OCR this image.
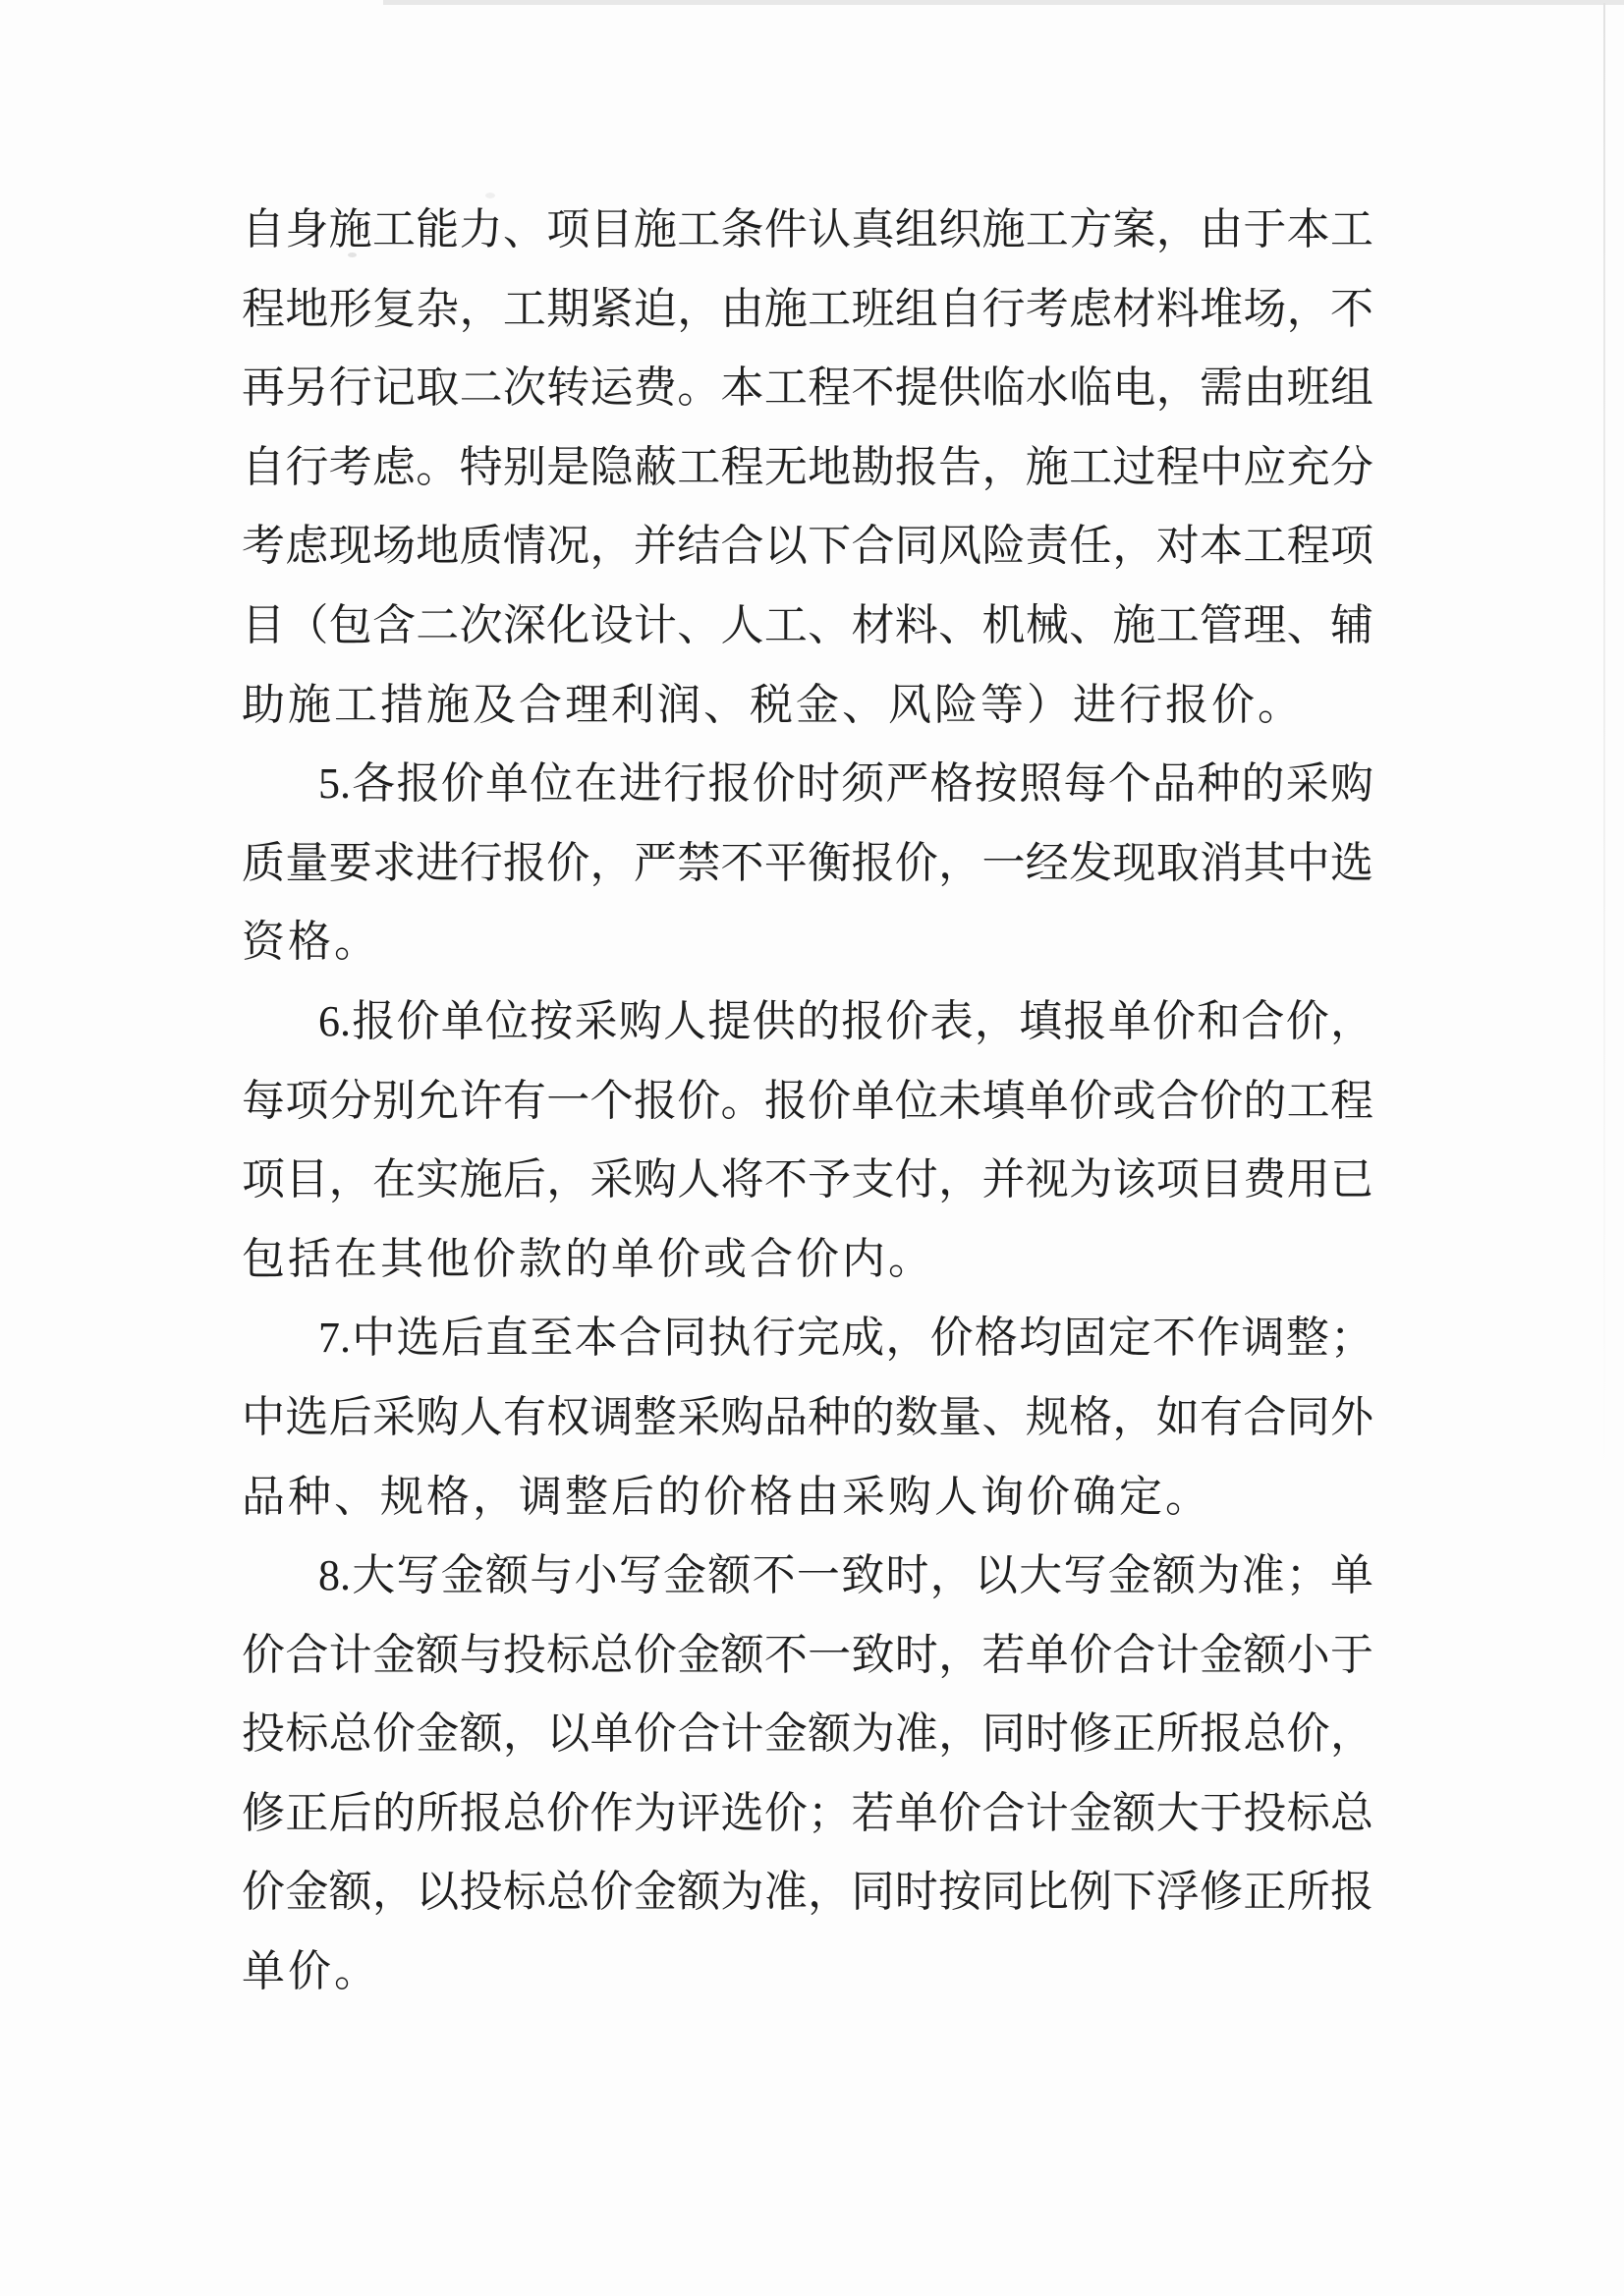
自身施工能力、项目施工条件认真组织施工方案，由于本工
程地形复杂，工期紧迫，由施工班组自行考虑材料堆场，不
再另行记取二次转运费。本工程不提供临水临电，需由班组
自行考虑。特别是隐蔽工程无地勘报告，施工过程中应充分
考虑现场地质情况，并结合以下合同风险责任，对本工程项
目（包含二次深化设计、人工、材料、机械、施工管理、辅
助施工措施及合理利润、税金、风险等）进行报价。
5.各报价单位在进行报价时须严格按照每个品种的采购
质量要求进行报价，严禁不平衡报价，一经发现取消其中选
资格。
6.报价单位按采购人提供的报价表，填报单价和合价，
每项分别允许有一个报价。报价单位未填单价或合价的工程
项目，在实施后，采购人将不予支付，并视为该项目费用已
包括在其他价款的单价或合价内。
7.中选后直至本合同执行完成，价格均固定不作调整；
中选后采购人有权调整采购品种的数量、规格，如有合同外
品种、规格，调整后的价格由采购人询价确定。
8.大写金额与小写金额不一致时，以大写金额为准；单
价合计金额与投标总价金额不一致时，若单价合计金额小于
投标总价金额，以单价合计金额为准，同时修正所报总价，
修正后的所报总价作为评选价；若单价合计金额大于投标总
价金额，以投标总价金额为准，同时按同比例下浮修正所报
单价。
